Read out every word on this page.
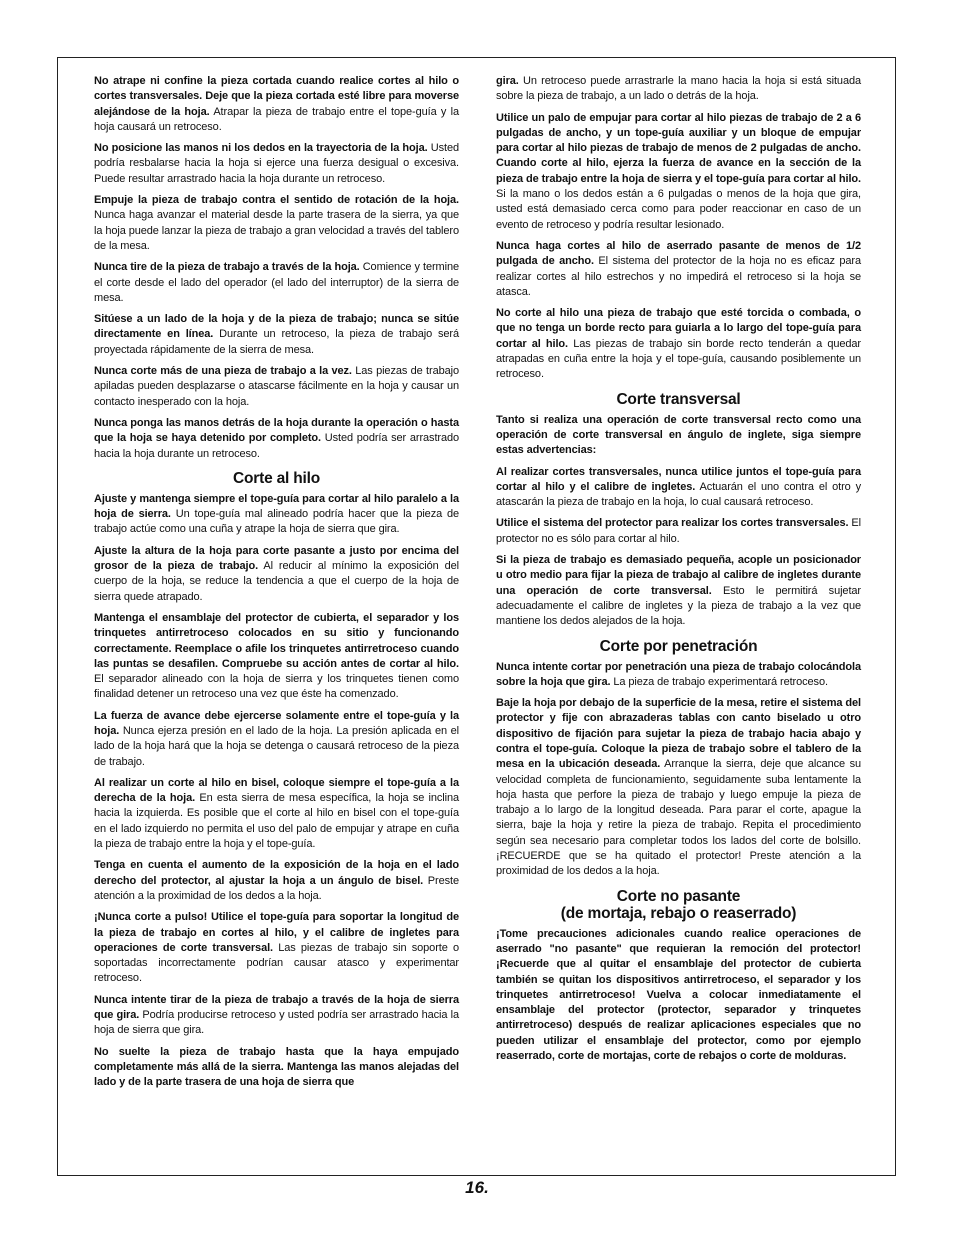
No atrape ni confine la pieza cortada cuando realice cortes al hilo o cortes transversales. Deje que la pieza cortada esté libre para moverse alejándose de la hoja. Atrapar la pieza de trabajo entre el tope-guía y la hoja causará un retroceso.

No posicione las manos ni los dedos en la trayectoria de la hoja. Usted podría resbalarse hacia la hoja si ejerce una fuerza desigual o excesiva. Puede resultar arrastrado hacia la hoja durante un retroceso.

Empuje la pieza de trabajo contra el sentido de rotación de la hoja. Nunca haga avanzar el material desde la parte trasera de la sierra, ya que la hoja puede lanzar la pieza de trabajo a gran velocidad a través del tablero de la mesa.

Nunca tire de la pieza de trabajo a través de la hoja. Comience y termine el corte desde el lado del operador (el lado del interruptor) de la sierra de mesa.

Sitúese a un lado de la hoja y de la pieza de trabajo; nunca se sitúe directamente en línea. Durante un retroceso, la pieza de trabajo será proyectada rápidamente de la sierra de mesa.

Nunca corte más de una pieza de trabajo a la vez. Las piezas de trabajo apiladas pueden desplazarse o atascarse fácilmente en la hoja y causar un contacto inesperado con la hoja.

Nunca ponga las manos detrás de la hoja durante la operación o hasta que la hoja se haya detenido por completo. Usted podría ser arrastrado hacia la hoja durante un retroceso.

Corte al hilo

Ajuste y mantenga siempre el tope-guía para cortar al hilo paralelo a la hoja de sierra. Un tope-guía mal alineado podría hacer que la pieza de trabajo actúe como una cuña y atrape la hoja de sierra que gira.

Ajuste la altura de la hoja para corte pasante a justo por encima del grosor de la pieza de trabajo. Al reducir al mínimo la exposición del cuerpo de la hoja, se reduce la tendencia a que el cuerpo de la hoja de sierra quede atrapado.

Mantenga el ensamblaje del protector de cubierta, el separador y los trinquetes antirretroceso colocados en su sitio y funcionando correctamente. Reemplace o afile los trinquetes antirretroceso cuando las puntas se desafilen. Compruebe su acción antes de cortar al hilo. El separador alineado con la hoja de sierra y los trinquetes tienen como finalidad detener un retroceso una vez que éste ha comenzado.

La fuerza de avance debe ejercerse solamente entre el tope-guía y la hoja. Nunca ejerza presión en el lado de la hoja. La presión aplicada en el lado de la hoja hará que la hoja se detenga o causará retroceso de la pieza de trabajo.

Al realizar un corte al hilo en bisel, coloque siempre el tope-guía a la derecha de la hoja. En esta sierra de mesa específica, la hoja se inclina hacia la izquierda. Es posible que el corte al hilo en bisel con el tope-guía en el lado izquierdo no permita el uso del palo de empujar y atrape en cuña la pieza de trabajo entre la hoja y el tope-guía.

Tenga en cuenta el aumento de la exposición de la hoja en el lado derecho del protector, al ajustar la hoja a un ángulo de bisel. Preste atención a la proximidad de los dedos a la hoja.

¡Nunca corte a pulso! Utilice el tope-guía para soportar la longitud de la pieza de trabajo en cortes al hilo, y el calibre de ingletes para operaciones de corte transversal. Las piezas de trabajo sin soporte o soportadas incorrectamente podrían causar atasco y experimentar retroceso.

Nunca intente tirar de la pieza de trabajo a través de la hoja de sierra que gira. Podría producirse retroceso y usted podría ser arrastrado hacia la hoja de sierra que gira.

No suelte la pieza de trabajo hasta que la haya empujado completamente más allá de la sierra. Mantenga las manos alejadas del lado y de la parte trasera de una hoja de sierra que

gira. Un retroceso puede arrastrarle la mano hacia la hoja si está situada sobre la pieza de trabajo, a un lado o detrás de la hoja.

Utilice un palo de empujar para cortar al hilo piezas de trabajo de 2 a 6 pulgadas de ancho, y un tope-guía auxiliar y un bloque de empujar para cortar al hilo piezas de trabajo de menos de 2 pulgadas de ancho. Cuando corte al hilo, ejerza la fuerza de avance en la sección de la pieza de trabajo entre la hoja de sierra y el tope-guía para cortar al hilo. Si la mano o los dedos están a 6 pulgadas o menos de la hoja que gira, usted está demasiado cerca como para poder reaccionar en caso de un evento de retroceso y podría resultar lesionado.

Nunca haga cortes al hilo de aserrado pasante de menos de 1/2 pulgada de ancho. El sistema del protector de la hoja no es eficaz para realizar cortes al hilo estrechos y no impedirá el retroceso si la hoja se atasca.

No corte al hilo una pieza de trabajo que esté torcida o combada, o que no tenga un borde recto para guiarla a lo largo del tope-guía para cortar al hilo. Las piezas de trabajo sin borde recto tenderán a quedar atrapadas en cuña entre la hoja y el tope-guía, causando posiblemente un retroceso.

Corte transversal

Tanto si realiza una operación de corte transversal recto como una operación de corte transversal en ángulo de inglete, siga siempre estas advertencias:

Al realizar cortes transversales, nunca utilice juntos el tope-guía para cortar al hilo y el calibre de ingletes. Actuarán el uno contra el otro y atascarán la pieza de trabajo en la hoja, lo cual causará retroceso.

Utilice el sistema del protector para realizar los cortes transversales. El protector no es sólo para cortar al hilo.

Si la pieza de trabajo es demasiado pequeña, acople un posicionador u otro medio para fijar la pieza de trabajo al calibre de ingletes durante una operación de corte transversal. Esto le permitirá sujetar adecuadamente el calibre de ingletes y la pieza de trabajo a la vez que mantiene los dedos alejados de la hoja.

Corte por penetración

Nunca intente cortar por penetración una pieza de trabajo colocándola sobre la hoja que gira. La pieza de trabajo experimentará retroceso.

Baje la hoja por debajo de la superficie de la mesa, retire el sistema del protector y fije con abrazaderas tablas con canto biselado u otro dispositivo de fijación para sujetar la pieza de trabajo hacia abajo y contra el tope-guía. Coloque la pieza de trabajo sobre el tablero de la mesa en la ubicación deseada. Arranque la sierra, deje que alcance su velocidad completa de funcionamiento, seguidamente suba lentamente la hoja hasta que perfore la pieza de trabajo y luego empuje la pieza de trabajo a lo largo de la longitud deseada. Para parar el corte, apague la sierra, baje la hoja y retire la pieza de trabajo. Repita el procedimiento según sea necesario para completar todos los lados del corte de bolsillo. ¡RECUERDE que se ha quitado el protector! Preste atención a la proximidad de los dedos a la hoja.

Corte no pasante
(de mortaja, rebajo o reaserrado)

¡Tome precauciones adicionales cuando realice operaciones de aserrado "no pasante" que requieran la remoción del protector! ¡Recuerde que al quitar el ensamblaje del protector de cubierta también se quitan los dispositivos antirretroceso, el separador y los trinquetes antirretroceso! Vuelva a colocar inmediatamente el ensamblaje del protector (protector, separador y trinquetes antirretroceso) después de realizar aplicaciones especiales que no pueden utilizar el ensamblaje del protector, como por ejemplo reaserrado, corte de mortajas, corte de rebajos o corte de molduras.

16.
